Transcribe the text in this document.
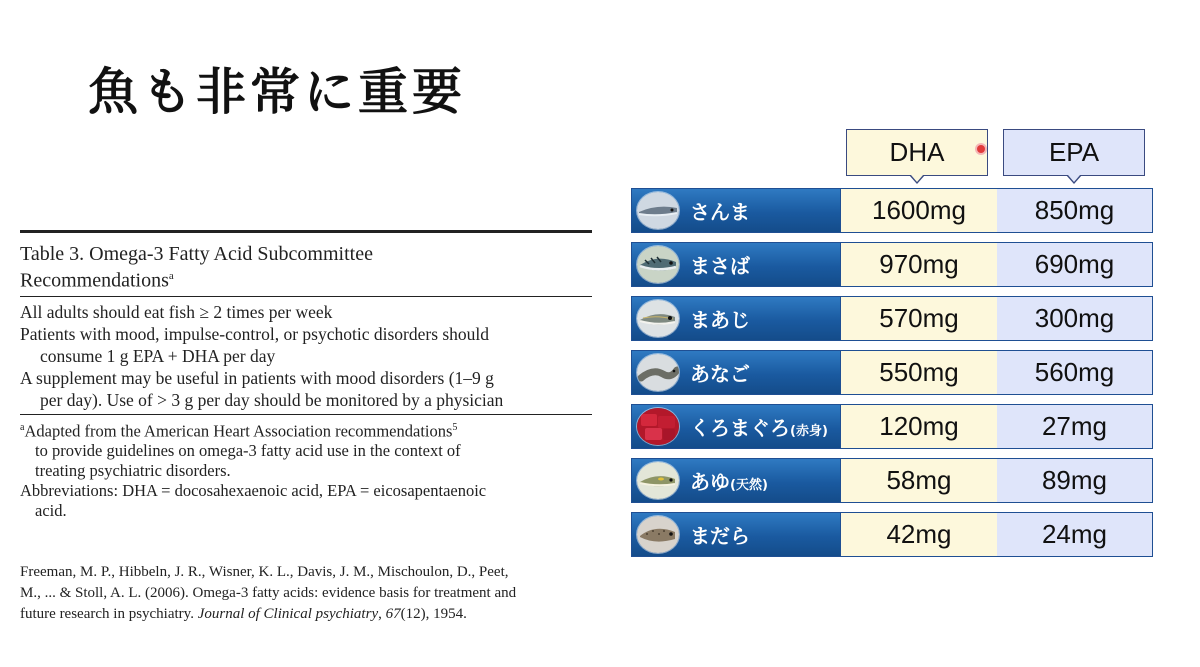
魚も非常に重要
Table 3. Omega-3 Fatty Acid Subcommittee
Recommendations$^a$
All adults should eat fish ≥ 2 times per week
Patients with mood, impulse-control, or psychotic disorders should
consume 1 g EPA + DHA per day
A supplement may be useful in patients with mood disorders (1–9 g
per day). Use of > 3 g per day should be monitored by a physician
$^a$Adapted from the American Heart Association recommendations$^5$
to provide guidelines on omega-3 fatty acid use in the context of
treating psychiatric disorders.
Abbreviations: DHA = docosahexaenoic acid, EPA = eicosapentaenoic
acid.
Freeman, M. P., Hibbeln, J. R., Wisner, K. L., Davis, J. M., Mischoulon, D., Peet,
M., ... & Stoll, A. L. (2006). Omega-3 fatty acids: evidence basis for treatment and
future research in psychiatry. Journal of Clinical psychiatry, 67(12), 1954.
DHA	EPA
さんま	1600mg	850mg
まさば	970mg	690mg
まあじ	570mg	300mg
あなご	550mg	560mg
くろまぐろ(赤身)	120mg	27mg
あゆ(天然)	58mg	89mg
まだら	42mg	24mg
